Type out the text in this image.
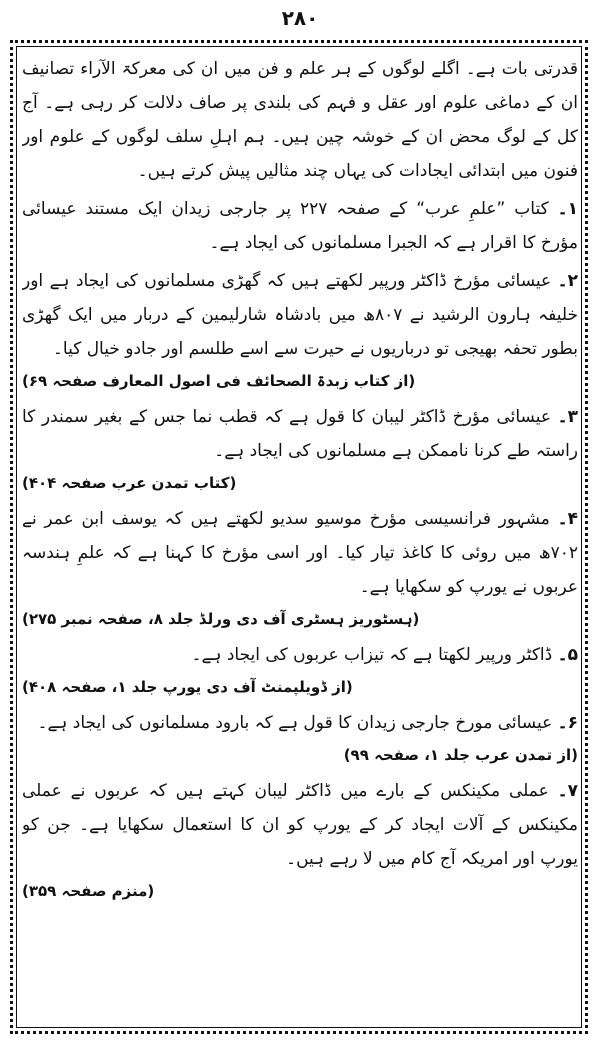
۲۸۰

قدرتی بات ہے۔ اگلے لوگوں کے ہر علم و فن میں ان کی معرکۃ الآراء تصانیف ان کے دماغی علوم اور عقل و فہم کی بلندی پر صاف دلالت کر رہی ہے۔ آج کل کے لوگ محض ان کے خوشہ چین ہیں۔ ہم اہلِ سلف لوگوں کے علوم اور فنون میں ابتدائی ایجادات کی یہاں چند مثالیں پیش کرتے ہیں۔

۱۔ کتاب ”علمِ عرب“ کے صفحہ ۲۲۷ پر جارجی زیدان ایک مستند عیسائی مؤرخ کا اقرار ہے کہ الجبرا مسلمانوں کی ایجاد ہے۔

۲۔ عیسائی مؤرخ ڈاکٹر ورپیر لکھتے ہیں کہ گھڑی مسلمانوں کی ایجاد ہے اور خلیفہ ہارون الرشید نے ۸۰۷ھ میں بادشاہ شارلیمین کے دربار میں ایک گھڑی بطور تحفہ بھیجی تو درباریوں نے حیرت سے اسے طلسم اور جادو خیال کیا۔
(از کتاب زبدۃ الصحائف فی اصول المعارف صفحہ ۶۹)

۳۔ عیسائی مؤرخ ڈاکٹر لیبان کا قول ہے کہ قطب نما جس کے بغیر سمندر کا راستہ طے کرنا ناممکن ہے مسلمانوں کی ایجاد ہے۔
(کتاب تمدن عرب صفحہ ۴۰۴)

۴۔ مشہور فرانسیسی مؤرخ موسیو سدیو لکھتے ہیں کہ یوسف ابن عمر نے ۷۰۲ھ میں روئی کا کاغذ تیار کیا۔ اور اسی مؤرخ کا کہنا ہے کہ علمِ ہندسہ عربوں نے یورپ کو سکھایا ہے۔
(ہسٹوریز ہسٹری آف دی ورلڈ جلد ۸، صفحہ نمبر ۲۷۵)

۵۔ ڈاکٹر ورپیر لکھتا ہے کہ تیزاب عربوں کی ایجاد ہے۔
(از ڈویلپمنٹ آف دی یورپ جلد ۱، صفحہ ۴۰۸)

۶۔ عیسائی مورخ جارجی زیدان کا قول ہے کہ بارود مسلمانوں کی ایجاد ہے۔
(از تمدن عرب جلد ۱، صفحہ ۹۹)

۷۔ عملی مکینکس کے بارے میں ڈاکٹر لیبان کہتے ہیں کہ عربوں نے عملی مکینکس کے آلات ایجاد کر کے یورپ کو ان کا استعمال سکھایا ہے۔ جن کو یورپ اور امریکہ آج کام میں لا رہے ہیں۔
(منزم صفحہ ۳۵۹)
